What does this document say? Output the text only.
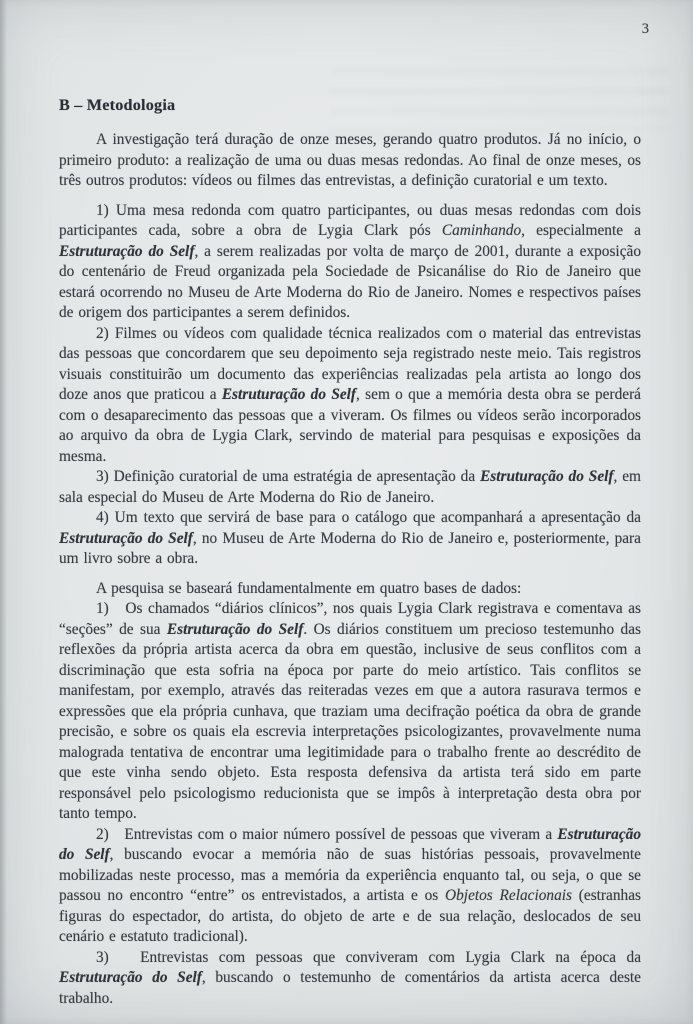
3
B – Metodologia

A investigação terá duração de onze meses, gerando quatro produtos. Já no início, o primeiro produto: a realização de uma ou duas mesas redondas. Ao final de onze meses, os três outros produtos: vídeos ou filmes das entrevistas, a definição curatorial e um texto.

1) Uma mesa redonda com quatro participantes, ou duas mesas redondas com dois participantes cada, sobre a obra de Lygia Clark pós Caminhando, especialmente a Estruturação do Self, a serem realizadas por volta de março de 2001, durante a exposição do centenário de Freud organizada pela Sociedade de Psicanálise do Rio de Janeiro que estará ocorrendo no Museu de Arte Moderna do Rio de Janeiro. Nomes e respectivos países de origem dos participantes a serem definidos.

2) Filmes ou vídeos com qualidade técnica realizados com o material das entrevistas das pessoas que concordarem que seu depoimento seja registrado neste meio. Tais registros visuais constituirão um documento das experiências realizadas pela artista ao longo dos doze anos que praticou a Estruturação do Self, sem o que a memória desta obra se perderá com o desaparecimento das pessoas que a viveram. Os filmes ou vídeos serão incorporados ao arquivo da obra de Lygia Clark, servindo de material para pesquisas e exposições da mesma.

3) Definição curatorial de uma estratégia de apresentação da Estruturação do Self, em sala especial do Museu de Arte Moderna do Rio de Janeiro.

4) Um texto que servirá de base para o catálogo que acompanhará a apresentação da Estruturação do Self, no Museu de Arte Moderna do Rio de Janeiro e, posteriormente, para um livro sobre a obra.

A pesquisa se baseará fundamentalmente em quatro bases de dados:

1)   Os chamados “diários clínicos”, nos quais Lygia Clark registrava e comentava as “seções” de sua Estruturação do Self. Os diários constituem um precioso testemunho das reflexões da própria artista acerca da obra em questão, inclusive de seus conflitos com a discriminação que esta sofria na época por parte do meio artístico. Tais conflitos se manifestam, por exemplo, através das reiteradas vezes em que a autora rasurava termos e expressões que ela própria cunhava, que traziam uma decifração poética da obra de grande precisão, e sobre os quais ela escrevia interpretações psicologizantes, provavelmente numa malograda tentativa de encontrar uma legitimidade para o trabalho frente ao descrédito de que este vinha sendo objeto. Esta resposta defensiva da artista terá sido em parte responsável pelo psicologismo reducionista que se impôs à interpretação desta obra por tanto tempo.

2)   Entrevistas com o maior número possível de pessoas que viveram a Estruturação do Self, buscando evocar a memória não de suas histórias pessoais, provavelmente mobilizadas neste processo, mas a memória da experiência enquanto tal, ou seja, o que se passou no encontro “entre” os entrevistados, a artista e os Objetos Relacionais (estranhas figuras do espectador, do artista, do objeto de arte e de sua relação, deslocados de seu cenário e estatuto tradicional).

3)   Entrevistas com pessoas que conviveram com Lygia Clark na época da Estruturação do Self, buscando o testemunho de comentários da artista acerca deste trabalho.
